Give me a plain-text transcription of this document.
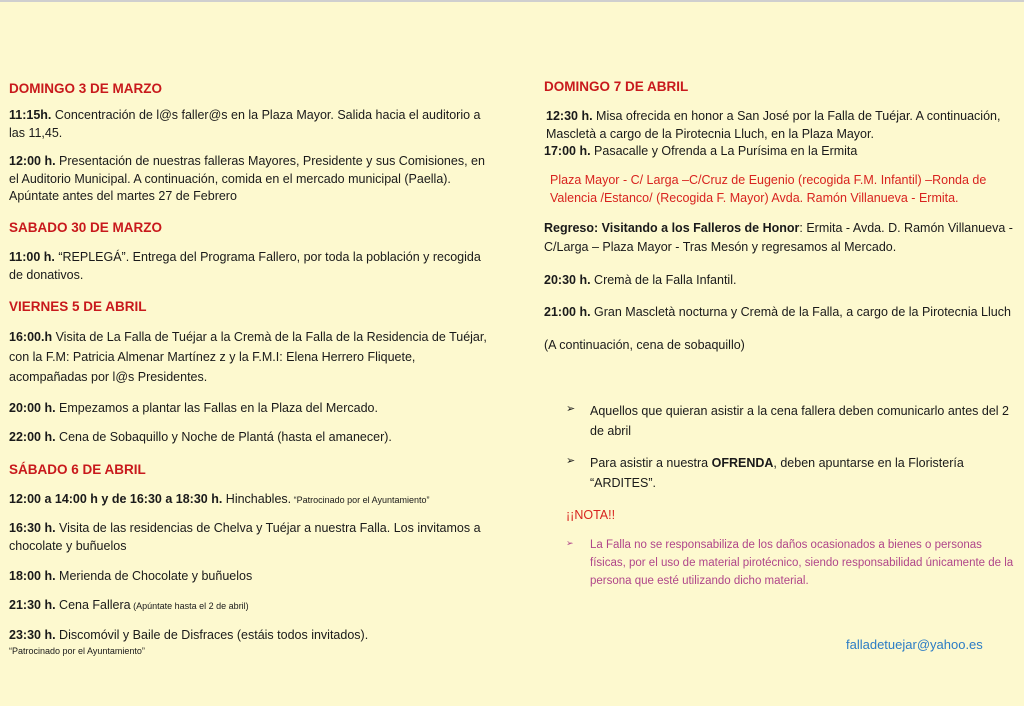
DOMINGO 3 DE MARZO
11:15h. Concentración de l@s faller@s en la Plaza Mayor. Salida hacia el auditorio a las 11,45.
12:00 h. Presentación de nuestras falleras Mayores, Presidente y sus Comisiones, en el Auditorio Municipal. A continuación, comida en el mercado municipal (Paella). Apúntate antes del martes 27 de Febrero
SABADO 30 DE MARZO
11:00 h. “REPLEGÁ”. Entrega del Programa Fallero, por toda la población y recogida de donativos.
VIERNES 5 DE ABRIL
16:00.h Visita de La Falla de Tuéjar a la Cremà de la Falla de la Residencia de Tuéjar, con la F.M: Patricia Almenar Martínez z y la F.M.I: Elena Herrero Fliquete, acompañadas por l@s Presidentes.
20:00 h. Empezamos a plantar las Fallas en la Plaza del Mercado.
22:00 h. Cena de Sobaquillo y Noche de Plantá (hasta el amanecer).
SÁBADO 6 DE ABRIL
12:00 a 14:00 h y de 16:30 a 18:30 h. Hinchables. “Patrocinado por el Ayuntamiento”
16:30 h. Visita de las residencias de Chelva y Tuéjar a nuestra Falla. Los invitamos a chocolate y buñuelos
18:00 h. Merienda de Chocolate y buñuelos
21:30 h. Cena Fallera (Apúntate hasta el 2 de abril)
23:30 h. Discomóvil y Baile de Disfraces (estáis todos invitados).
“Patrocinado por el Ayuntamiento”
DOMINGO 7 DE ABRIL
12:30 h. Misa ofrecida en honor a San José por la Falla de Tuéjar. A continuación, Mascletà a cargo de la Pirotecnia Lluch, en la Plaza Mayor.
17:00 h. Pasacalle y Ofrenda a La Purísima en la Ermita
Plaza Mayor - C/ Larga –C/Cruz de Eugenio (recogida F.M. Infantil) –Ronda de Valencia /Estanco/ (Recogida F. Mayor) Avda. Ramón Villanueva - Ermita.
Regreso: Visitando a los Falleros de Honor: Ermita - Avda. D. Ramón Villanueva - C/Larga – Plaza Mayor - Tras Mesón y regresamos al Mercado.
20:30 h. Cremà de la Falla Infantil.
21:00 h. Gran Mascletà nocturna y Cremà de la Falla, a cargo de la Pirotecnia Lluch
(A continuación, cena de sobaquillo)
➢	Aquellos que quieran asistir a la cena fallera deben comunicarlo antes del 2 de abril
➢	Para asistir a nuestra OFRENDA, deben apuntarse en la Floristería “ARDITES”.
¡¡NOTA!!
➢	La Falla no se responsabiliza de los daños ocasionados a bienes o personas físicas, por el uso de material pirotécnico, siendo responsabilidad únicamente de la persona que esté utilizando dicho material.
falladetuejar@yahoo.es
